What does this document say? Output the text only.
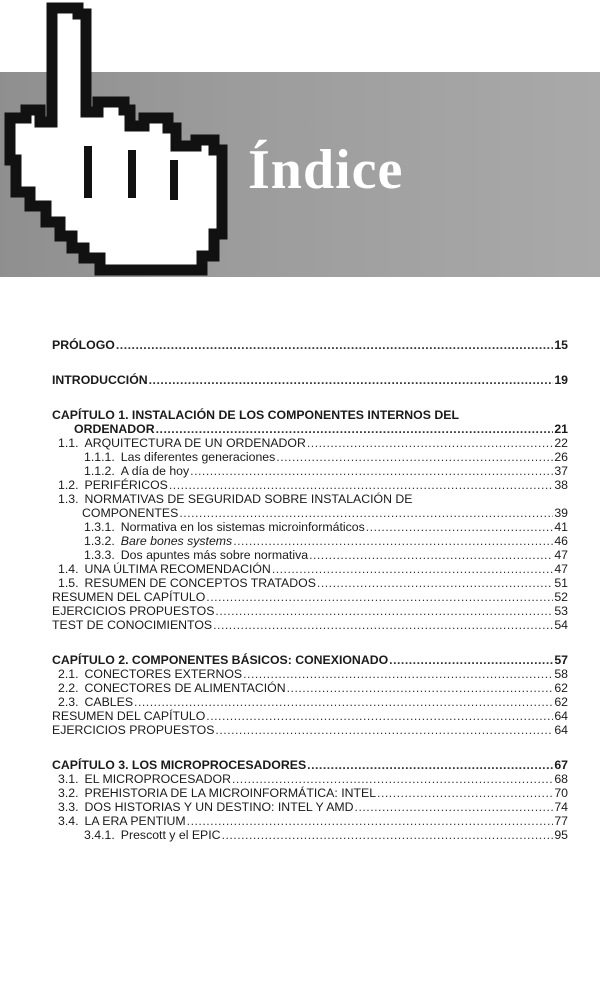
Índice
PRÓLOGO .....	15
INTRODUCCIÓN .....	19
CAPÍTULO 1. INSTALACIÓN DE LOS COMPONENTES INTERNOS DEL
ORDENADOR .....	21
1.1. ARQUITECTURA DE UN ORDENADOR .....	22
1.1.1. Las diferentes generaciones .....	26
1.1.2. A día de hoy .....	37
1.2. PERIFÉRICOS .....	38
1.3. NORMATIVAS DE SEGURIDAD SOBRE INSTALACIÓN DE
COMPONENTES .....	39
1.3.1. Normativa en los sistemas microinformáticos .....	41
1.3.2. Bare bones systems .....	46
1.3.3. Dos apuntes más sobre normativa .....	47
1.4. UNA ÚLTIMA RECOMENDACIÓN .....	47
1.5. RESUMEN DE CONCEPTOS TRATADOS .....	51
RESUMEN DEL CAPÍTULO .....	52
EJERCICIOS PROPUESTOS .....	53
TEST DE CONOCIMIENTOS .....	54
CAPÍTULO 2. COMPONENTES BÁSICOS: CONEXIONADO .....	57
2.1. CONECTORES EXTERNOS .....	58
2.2. CONECTORES DE ALIMENTACIÓN .....	62
2.3. CABLES .....	62
RESUMEN DEL CAPÍTULO .....	64
EJERCICIOS PROPUESTOS .....	64
CAPÍTULO 3. LOS MICROPROCESADORES .....	67
3.1. EL MICROPROCESADOR .....	68
3.2. PREHISTORIA DE LA MICROINFORMÁTICA: INTEL .....	70
3.3. DOS HISTORIAS Y UN DESTINO: INTEL Y AMD .....	74
3.4. LA ERA PENTIUM .....	77
3.4.1. Prescott y el EPIC .....	95
